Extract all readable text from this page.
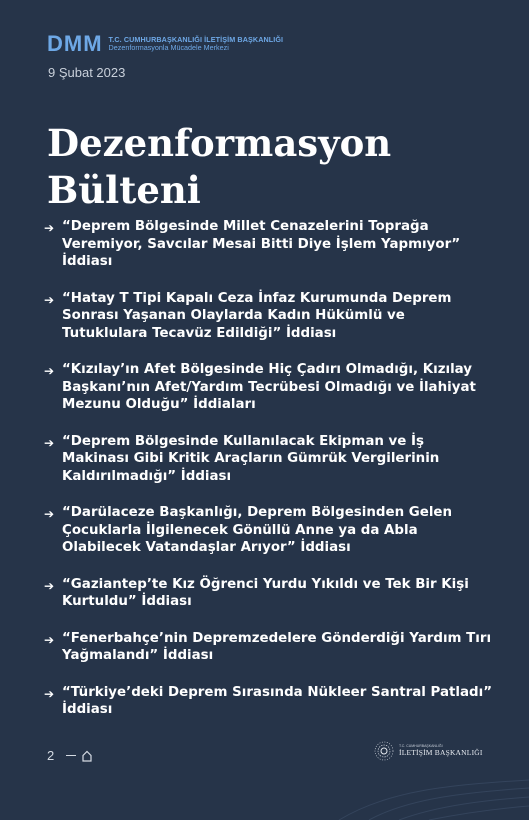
DMM T.C. CUMHURBAŞKANLIĞI İLETİŞİM BAŞKANLIĞI
Dezenformasyonla Mücadele Merkezi
9 Şubat 2023
Dezenformasyon
Bülteni
➔ “Deprem Bölgesinde Millet Cenazelerini Toprağa
Veremiyor, Savcılar Mesai Bitti Diye İşlem Yapmıyor”
İddiası
➔ “Hatay T Tipi Kapalı Ceza İnfaz Kurumunda Deprem
Sonrası Yaşanan Olaylarda Kadın Hükümlü ve
Tutuklulara Tecavüz Edildiği” İddiası
➔ “Kızılay’ın Afet Bölgesinde Hiç Çadırı Olmadığı, Kızılay
Başkanı’nın Afet/Yardım Tecrübesi Olmadığı ve İlahiyat
Mezunu Olduğu” İddiaları
➔ “Deprem Bölgesinde Kullanılacak Ekipman ve İş
Makinası Gibi Kritik Araçların Gümrük Vergilerinin
Kaldırılmadığı” İddiası
➔ “Darülaceze Başkanlığı, Deprem Bölgesinden Gelen
Çocuklarla İlgilenecek Gönüllü Anne ya da Abla
Olabilecek Vatandaşlar Arıyor” İddiası
➔ “Gaziantep’te Kız Öğrenci Yurdu Yıkıldı ve Tek Bir Kişi
Kurtuldu” İddiası
➔ “Fenerbahçe’nin Depremzedelere Gönderdiği Yardım Tırı
Yağmalandı” İddiası
➔ “Türkiye’deki Deprem Sırasında Nükleer Santral Patladı”
İddiası
2
T.C. CUMHURBAŞKANLIĞI
İLETİŞİM BAŞKANLIĞI
